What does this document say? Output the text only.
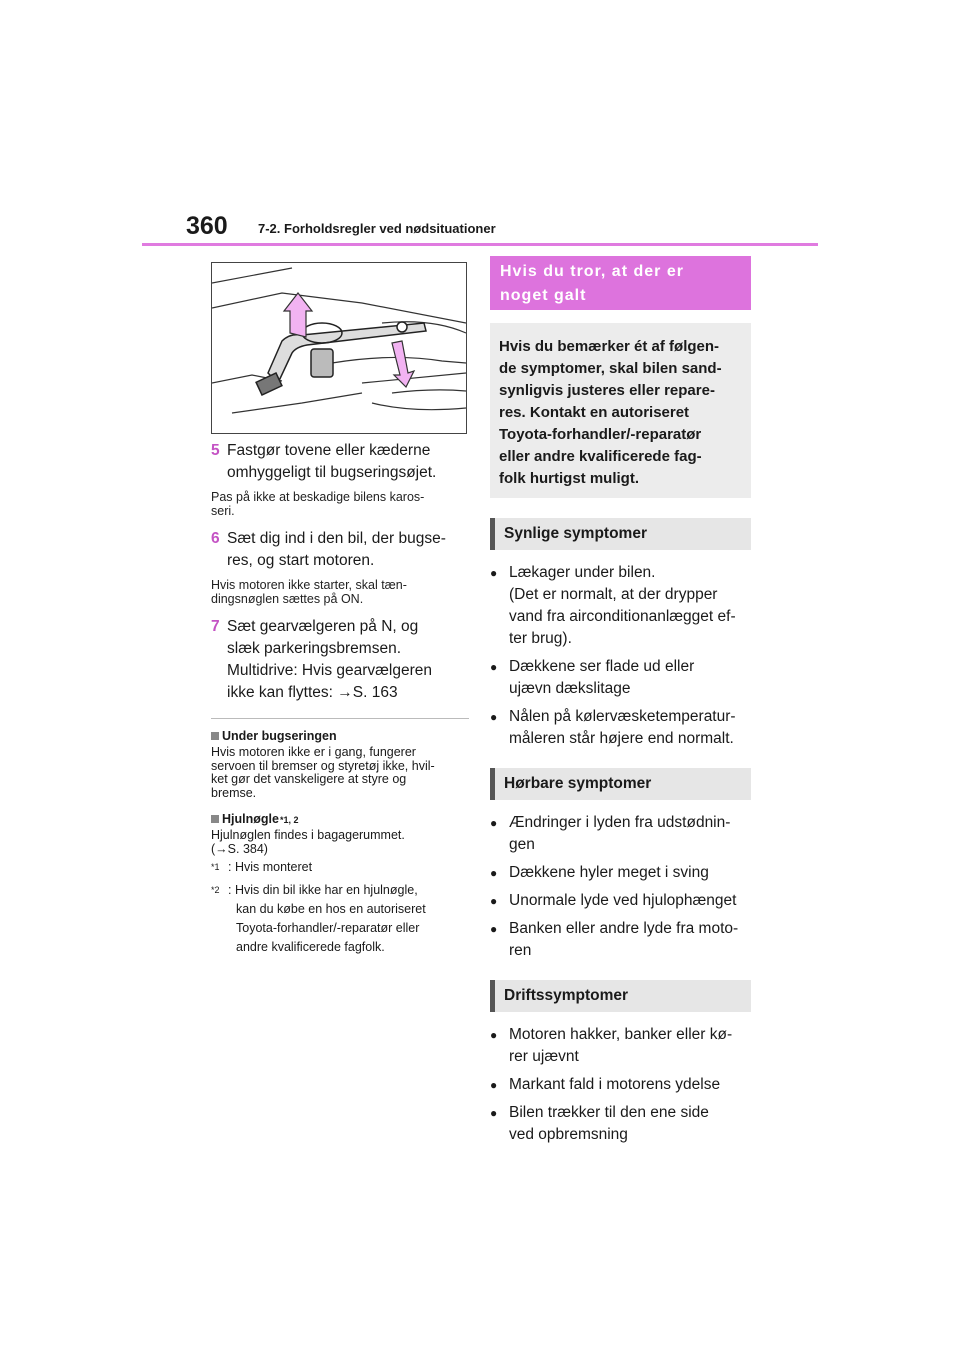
360 7-2. Forholdsregler ved nødsituationer
5 Fastgør tovene eller kæderne

omhyggeligt til bugseringsøjet.

Pas på ikke at beskadige bilens karos-
seri.
6 Sæt dig ind i den bil, der bugse-

res, og start motoren.

Hvis motoren ikke starter, skal tæn-
dingsnøglen sættes på ON.
7 Sæt gearvælgeren på N, og

slæk parkeringsbremsen.

Multidrive: Hvis gearvælgeren

ikke kan flyttes: →S. 163

Under bugseringen
Hvis motoren ikke er i gang, fungerer
servoen til bremser og styretøj ikke, hvil-
ket gør det vanskeligere at styre og
bremse.
Hjulnøgle *1, 2
Hjulnøglen findes i bagagerummet.
(→S. 384)
$^{*1}$ : Hvis monteret
$^{*2}$ : Hvis din bil ikke har en hjulnøgle,
kan du købe en hos en autoriseret
Toyota-forhandler/-reparatør eller
andre kvalificerede fagfolk.
Hvis du tror, at der er
noget galt
Hvis du bemærker ét af følgen-
de symptomer, skal bilen sand-
synligvis justeres eller repare-
res. Kontakt en autoriseret
Toyota-forhandler/-reparatør
eller andre kvalificerede fag-
folk hurtigst muligt.
Synlige symptomer
●
Lækager under bilen.
(Det er normalt, at der drypper
vand fra airconditionanlægget ef-
ter brug).
●
Dækkene ser flade ud eller
ujævn dækslitage
●
Nålen på kølervæsketemperatur-
måleren står højere end normalt.
Hørbare symptomer
●
Ændringer i lyden fra udstødnin-
gen
●
Dækkene hyler meget i sving
●
Unormale lyde ved hjulophænget
●
Banken eller andre lyde fra moto-
ren
Driftssymptomer
●
Motoren hakker, banker eller kø-
rer ujævnt
●
Markant fald i motorens ydelse
●
Bilen trækker til den ene side
ved opbremsning
